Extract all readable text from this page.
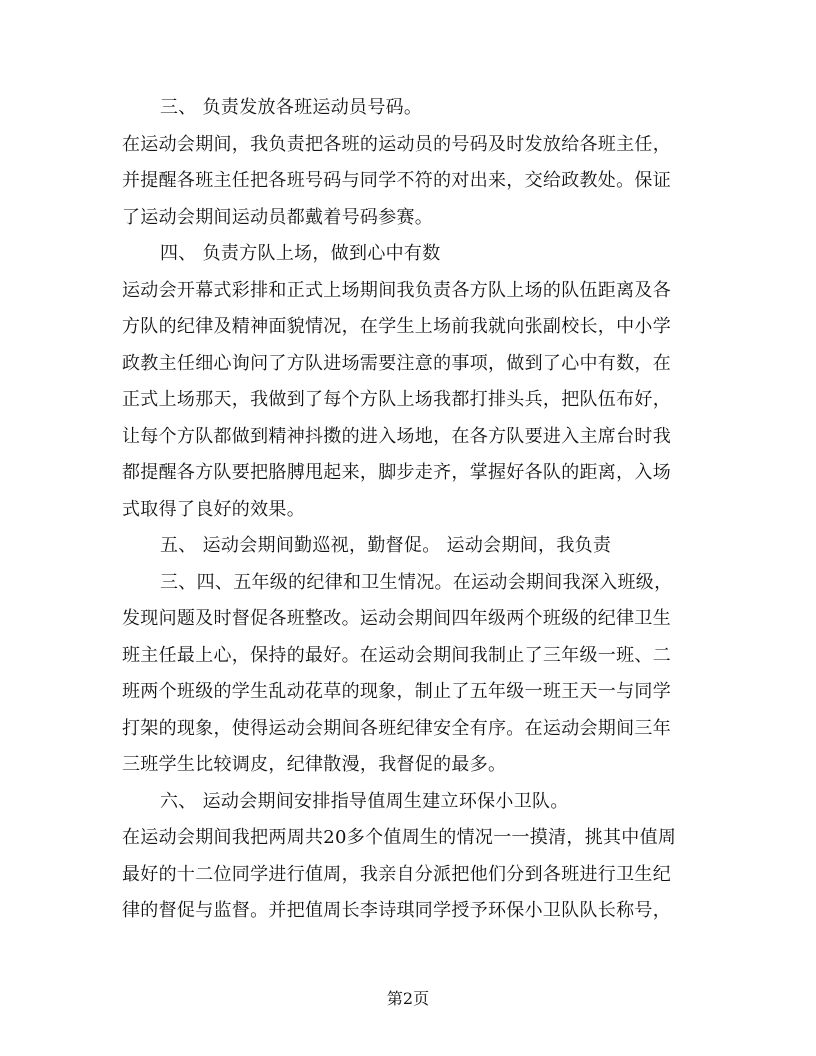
三、 负责发放各班运动员号码。
在运动会期间，我负责把各班的运动员的号码及时发放给各班主任，
并提醒各班主任把各班号码与同学不符的对出来，交给政教处。保证
了运动会期间运动员都戴着号码参赛。
四、 负责方队上场，做到心中有数
运动会开幕式彩排和正式上场期间我负责各方队上场的队伍距离及各
方队的纪律及精神面貌情况，在学生上场前我就向张副校长，中小学
政教主任细心询问了方队进场需要注意的事项，做到了心中有数，在
正式上场那天，我做到了每个方队上场我都打排头兵，把队伍布好，
让每个方队都做到精神抖擞的进入场地，在各方队要进入主席台时我
都提醒各方队要把胳膊甩起来，脚步走齐，掌握好各队的距离，入场
式取得了良好的效果。
五、 运动会期间勤巡视，勤督促。 运动会期间，我负责
三、四、五年级的纪律和卫生情况。在运动会期间我深入班级，
发现问题及时督促各班整改。运动会期间四年级两个班级的纪律卫生
班主任最上心，保持的最好。在运动会期间我制止了三年级一班、二
班两个班级的学生乱动花草的现象，制止了五年级一班王天一与同学
打架的现象，使得运动会期间各班纪律安全有序。在运动会期间三年
三班学生比较调皮，纪律散漫，我督促的最多。
六、 运动会期间安排指导值周生建立环保小卫队。
在运动会期间我把两周共20多个值周生的情况一一摸清，挑其中值周
最好的十二位同学进行值周，我亲自分派把他们分到各班进行卫生纪
律的督促与监督。并把值周长李诗琪同学授予环保小卫队队长称号，
第2页
